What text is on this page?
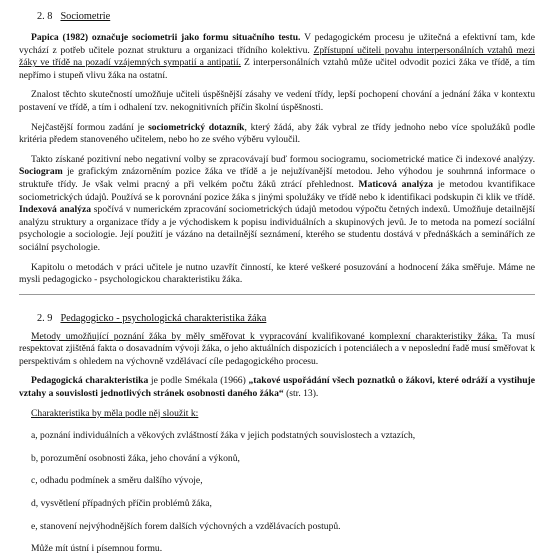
2. 8 Sociometrie

Papica (1982) označuje sociometrii jako formu situačního testu. V pedagogickém procesu je užitečná a efektivní tam, kde vychází z potřeb učitele poznat strukturu a organizaci třídního kolektivu. Zpřístupní učiteli povahu interpersonálních vztahů mezi žáky ve třídě na pozadí vzájemných sympatií a antipatií. Z interpersonálních vztahů může učitel odvodit pozici žáka ve třídě, a tím nepřímo i stupeň vlivu žáka na ostatní.

Znalost těchto skutečností umožňuje učiteli úspěšnější zásahy ve vedení třídy, lepší pochopení chování a jednání žáka v kontextu postavení ve třídě, a tím i odhalení tzv. nekognitivních příčin školní úspěšnosti.

Nejčastější formou zadání je sociometrický dotazník, který žádá, aby žák vybral ze třídy jednoho nebo více spolužáků podle kritéria předem stanoveného učitelem, nebo ho ze svého výběru vyloučil.

Takto získané pozitivní nebo negativní volby se zpracovávají buď formou sociogramu, sociometrické matice či indexové analýzy. Sociogram je grafickým znázorněním pozice žáka ve třídě a je nejužívanější metodou. Jeho výhodou je souhrnná informace o struktuře třídy. Je však velmi pracný a při velkém počtu žáků ztrácí přehlednost. Maticová analýza je metodou kvantifikace sociometrických údajů. Používá se k porovnání pozice žáka s jinými spolužáky ve třídě nebo k identifikaci podskupin či klik ve třídě. Indexová analýza spočívá v numerickém zpracování sociometrických údajů metodou výpočtu četných indexů. Umožňuje detailnější analýzu struktury a organizace třídy a je východiskem k popisu individuálních a skupinových jevů. Je to metoda na pomezí sociální psychologie a sociologie. Její použití je vázáno na detailnější seznámení, kterého se studentu dostává v přednáškách a seminářích ze sociální psychologie.

Kapitolu o metodách v práci učitele je nutno uzavřít činností, ke které veškeré posuzování a hodnocení žáka směřuje. Máme ne mysli pedagogicko - psychologickou charakteristiku žáka.

2. 9 Pedagogicko - psychologická charakteristika žáka

Metody umožňující poznání žáka by měly směřovat k vypracování kvalifikované komplexní charakteristiky žáka. Ta musí respektovat zjištěná fakta o dosavadním vývoji žáka, o jeho aktuálních dispozicích i potenciálech a v neposlední řadě musí směřovat k perspektivám s ohledem na výchovně vzdělávací cíle pedagogického procesu.

Pedagogická charakteristika je podle Smékala (1966) „takové uspořádání všech poznatků o žákovi, které odráží a vystihuje vztahy a souvislosti jednotlivých stránek osobnosti daného žáka“ (str. 13).

Charakteristika by měla podle něj sloužit k:

a, poznání individuálních a věkových zvláštností žáka v jejich podstatných souvislostech a vztazích,
b, porozumění osobnosti žáka, jeho chování a výkonů,
c, odhadu podmínek a směru dalšího vývoje,
d, vysvětlení případných příčin problémů žáka,
e, stanovení nejvýhodnějších forem dalších výchovných a vzdělávacích postupů.

Může mít ústní i písemnou formu.
